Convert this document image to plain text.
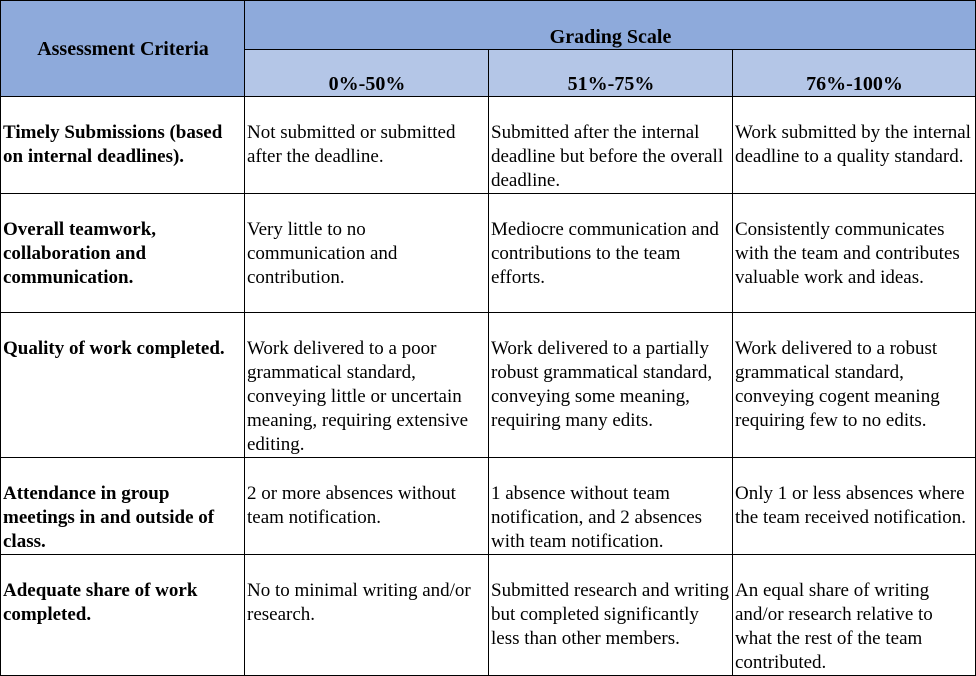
Assessment Criteria	Grading Scale		
	0%-50%	51%-75%	76%-100%
Timely Submissions (based on internal deadlines).	Not submitted or submitted after the deadline.	Submitted after the internal deadline but before the overall deadline.	Work submitted by the internal deadline to a quality standard.
Overall teamwork, collaboration and communication.	Very little to no communication and contribution.	Mediocre communication and contributions to the team efforts.	Consistently communicates with the team and contributes valuable work and ideas.
Quality of work completed.	Work delivered to a poor grammatical standard, conveying little or uncertain meaning, requiring extensive editing.	Work delivered to a partially robust grammatical standard, conveying some meaning, requiring many edits.	Work delivered to a robust grammatical standard, conveying cogent meaning requiring few to no edits.
Attendance in group meetings in and outside of class.	2 or more absences without team notification.	1 absence without team notification, and 2 absences with team notification.	Only 1 or less absences where the team received notification.
Adequate share of work completed.	No to minimal writing and/or research.	Submitted research and writing but completed significantly less than other members.	An equal share of writing and/or research relative to what the rest of the team contributed.
